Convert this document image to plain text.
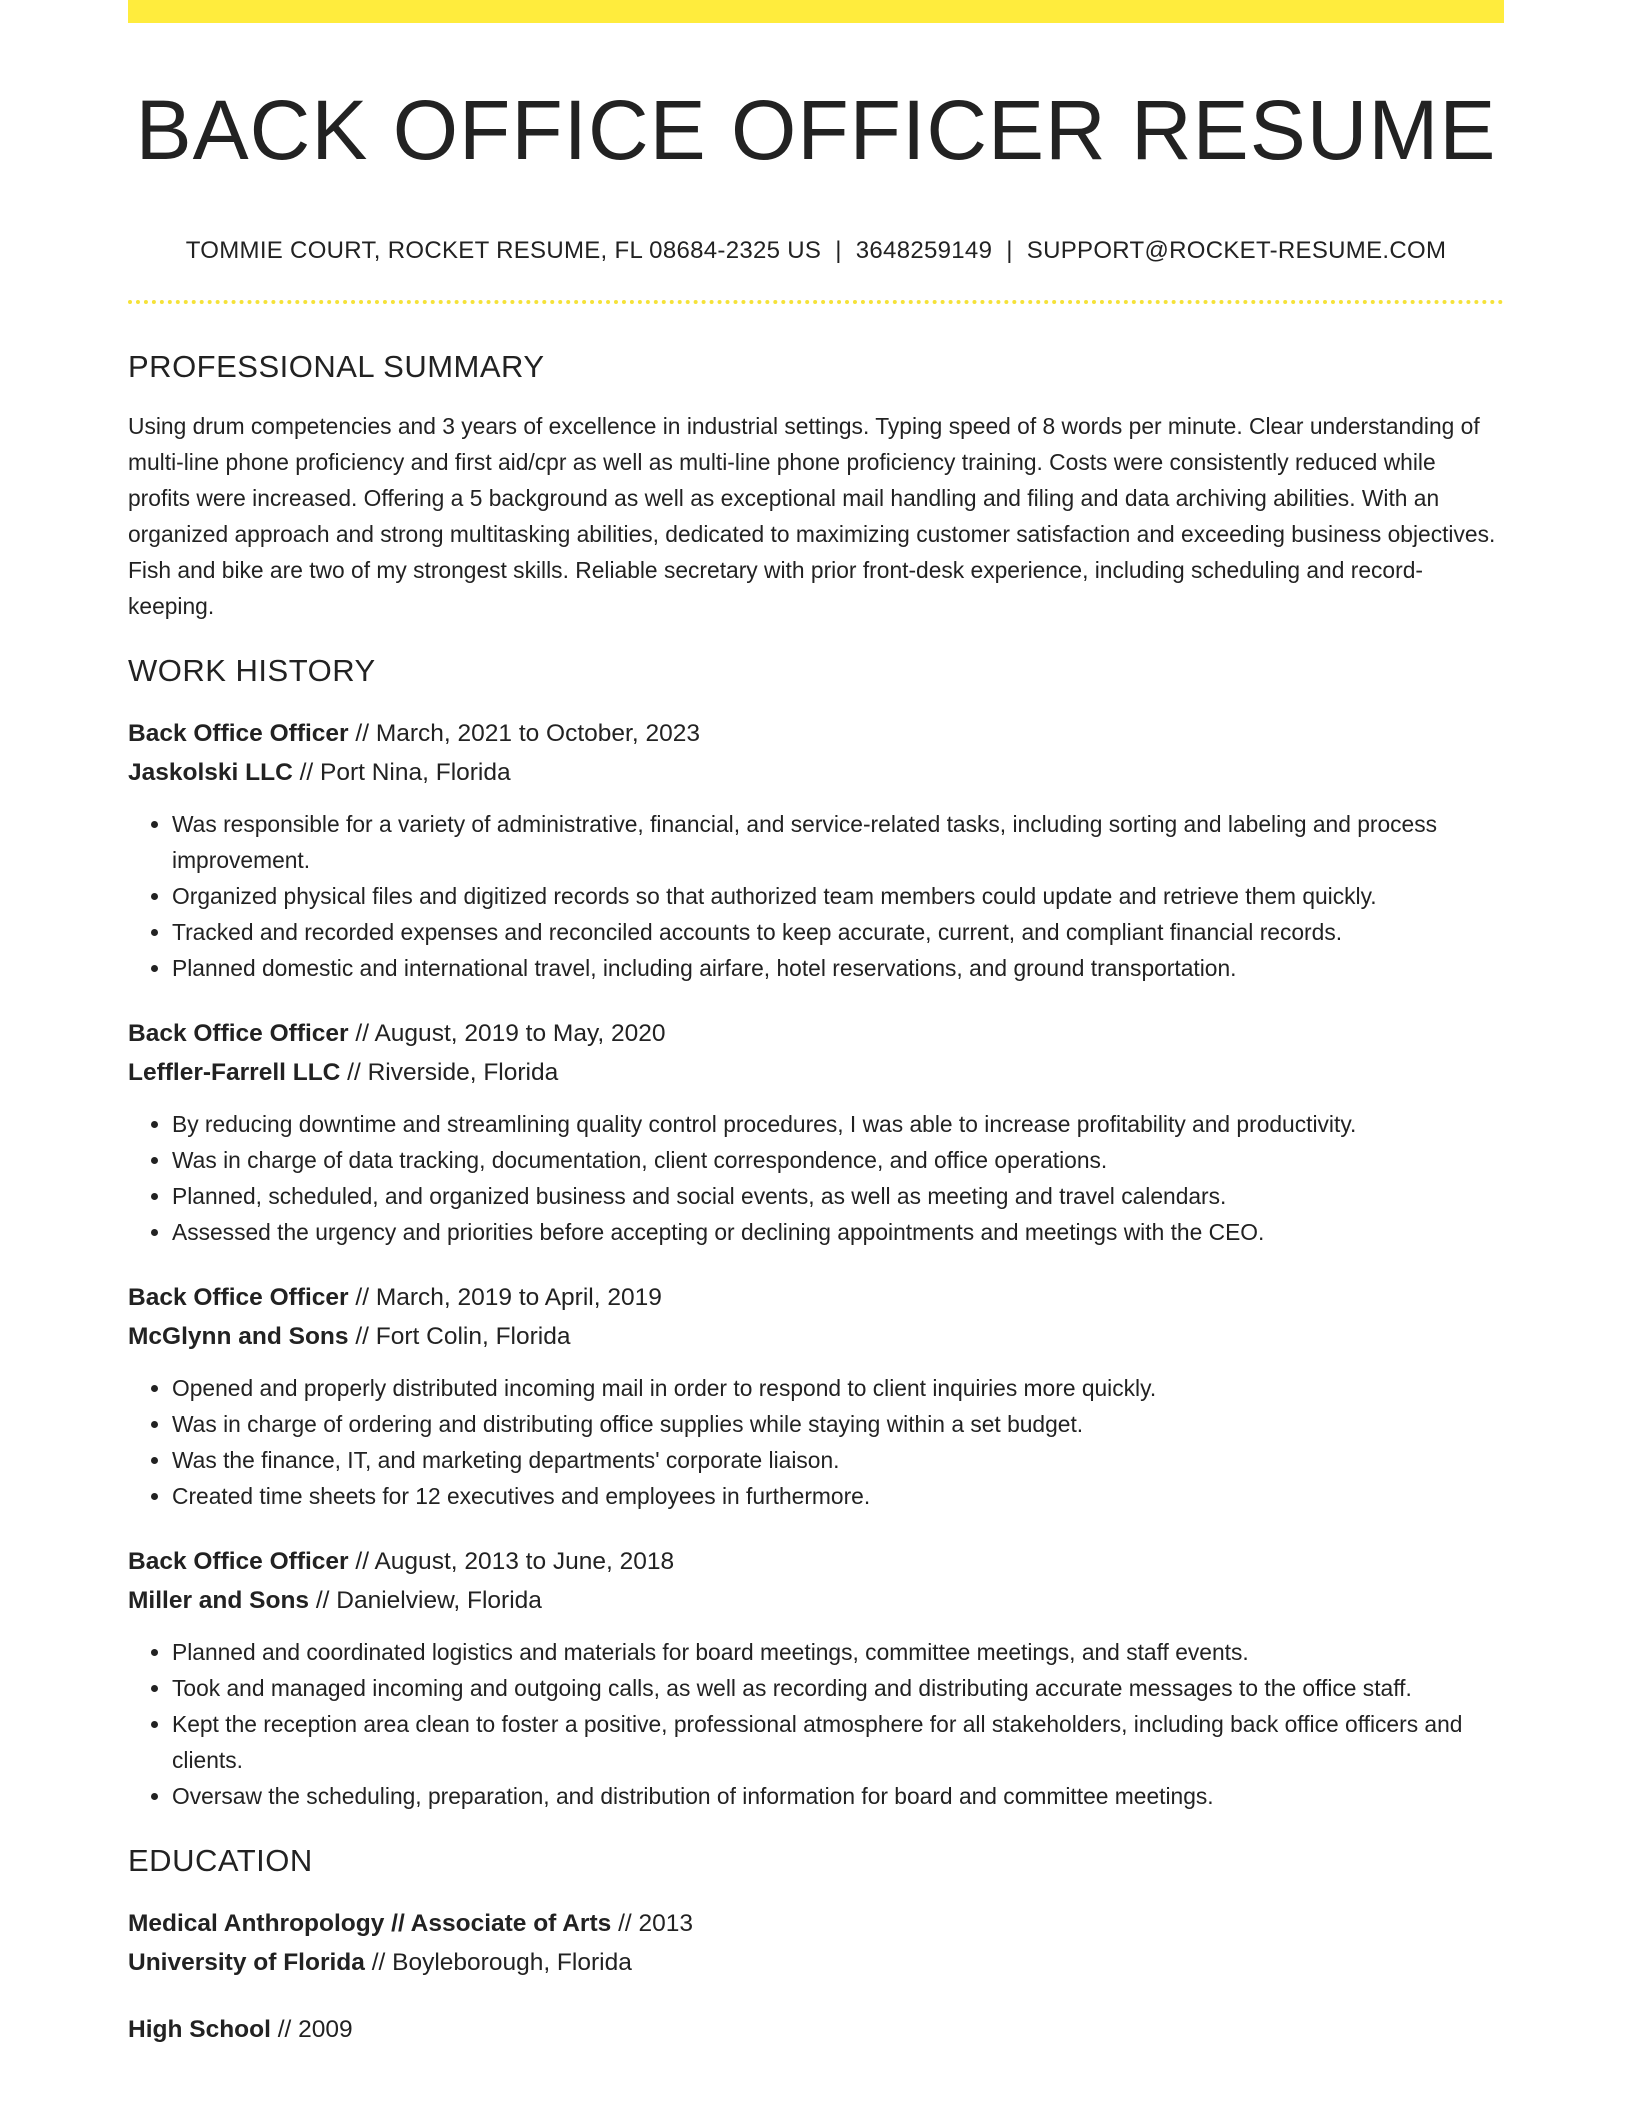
BACK OFFICE OFFICER RESUME
TOMMIE COURT, ROCKET RESUME, FL 08684-2325 US | 3648259149 | SUPPORT@ROCKET-RESUME.COM
PROFESSIONAL SUMMARY
Using drum competencies and 3 years of excellence in industrial settings. Typing speed of 8 words per minute. Clear understanding of multi-line phone proficiency and first aid/cpr as well as multi-line phone proficiency training. Costs were consistently reduced while profits were increased. Offering a 5 background as well as exceptional mail handling and filing and data archiving abilities. With an organized approach and strong multitasking abilities, dedicated to maximizing customer satisfaction and exceeding business objectives. Fish and bike are two of my strongest skills. Reliable secretary with prior front-desk experience, including scheduling and record-keeping.
WORK HISTORY
Back Office Officer // March, 2021 to October, 2023
Jaskolski LLC // Port Nina, Florida
• Was responsible for a variety of administrative, financial, and service-related tasks, including sorting and labeling and process improvement.
• Organized physical files and digitized records so that authorized team members could update and retrieve them quickly.
• Tracked and recorded expenses and reconciled accounts to keep accurate, current, and compliant financial records.
• Planned domestic and international travel, including airfare, hotel reservations, and ground transportation.
Back Office Officer // August, 2019 to May, 2020
Leffler-Farrell LLC // Riverside, Florida
• By reducing downtime and streamlining quality control procedures, I was able to increase profitability and productivity.
• Was in charge of data tracking, documentation, client correspondence, and office operations.
• Planned, scheduled, and organized business and social events, as well as meeting and travel calendars.
• Assessed the urgency and priorities before accepting or declining appointments and meetings with the CEO.
Back Office Officer // March, 2019 to April, 2019
McGlynn and Sons // Fort Colin, Florida
• Opened and properly distributed incoming mail in order to respond to client inquiries more quickly.
• Was in charge of ordering and distributing office supplies while staying within a set budget.
• Was the finance, IT, and marketing departments' corporate liaison.
• Created time sheets for 12 executives and employees in furthermore.
Back Office Officer // August, 2013 to June, 2018
Miller and Sons // Danielview, Florida
• Planned and coordinated logistics and materials for board meetings, committee meetings, and staff events.
• Took and managed incoming and outgoing calls, as well as recording and distributing accurate messages to the office staff.
• Kept the reception area clean to foster a positive, professional atmosphere for all stakeholders, including back office officers and clients.
• Oversaw the scheduling, preparation, and distribution of information for board and committee meetings.
EDUCATION
Medical Anthropology // Associate of Arts // 2013
University of Florida // Boyleborough, Florida
High School // 2009
